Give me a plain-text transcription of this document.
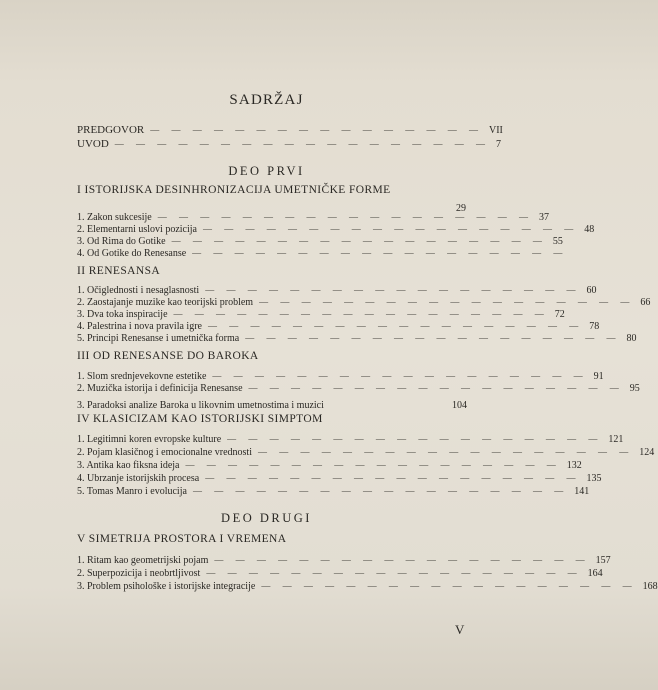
SADRŽAJ
PREDGOVOR — — — — — — — — — — — — — — — — VII
UVOD — — — — — — — — — — — — — — — — — — 7
DEO PRVI
I ISTORIJSKA DESINHRONIZACIJA UMETNIČKE FORME
29
1. Zakon sukcesije — — — — — — — — — — — — — — — — — — 37
2. Elementarni uslovi pozicija — — — — — — — — — — — — — — — — — — 48
3. Od Rima do Gotike — — — — — — — — — — — — — — — — — — 55
4. Od Gotike do Renesanse — — — — — — — — — — — — — — — — — —
II RENESANSA
1. Očiglednosti i nesaglasnosti — — — — — — — — — — — — — — — — — — 60
2. Zaostajanje muzike kao teorijski problem — — — — — — — — — — — — — — — — — — 66
3. Dva toka inspiracije — — — — — — — — — — — — — — — — — — 72
4. Palestrina i nova pravila igre — — — — — — — — — — — — — — — — — — 78
5. Principi Renesanse i umetnička forma — — — — — — — — — — — — — — — — — — 80
III OD RENESANSE DO BAROKA
1. Slom srednjevekovne estetike — — — — — — — — — — — — — — — — — — 91
2. Muzička istorija i definicija Renesanse — — — — — — — — — — — — — — — — — — 95
3. Paradoksi analize Baroka u likovnim umetnostima i muzici	104
IV KLASICIZAM KAO ISTORIJSKI SIMPTOM
1. Legitimni koren evropske kulture — — — — — — — — — — — — — — — — — — 121
2. Pojam klasičnog i emocionalne vrednosti — — — — — — — — — — — — — — — — — — 124
3. Antika kao fiksna ideja — — — — — — — — — — — — — — — — — — 132
4. Ubrzanje istorijskih procesa — — — — — — — — — — — — — — — — — — 135
5. Tomas Manro i evolucija — — — — — — — — — — — — — — — — — — 141
DEO DRUGI
V SIMETRIJA PROSTORA I VREMENA
1. Ritam kao geometrijski pojam — — — — — — — — — — — — — — — — — — 157
2. Superpozicija i neobrtljivost — — — — — — — — — — — — — — — — — — 164
3. Problem psihološke i istorijske integracije — — — — — — — — — — — — — — — — — — 168
V
